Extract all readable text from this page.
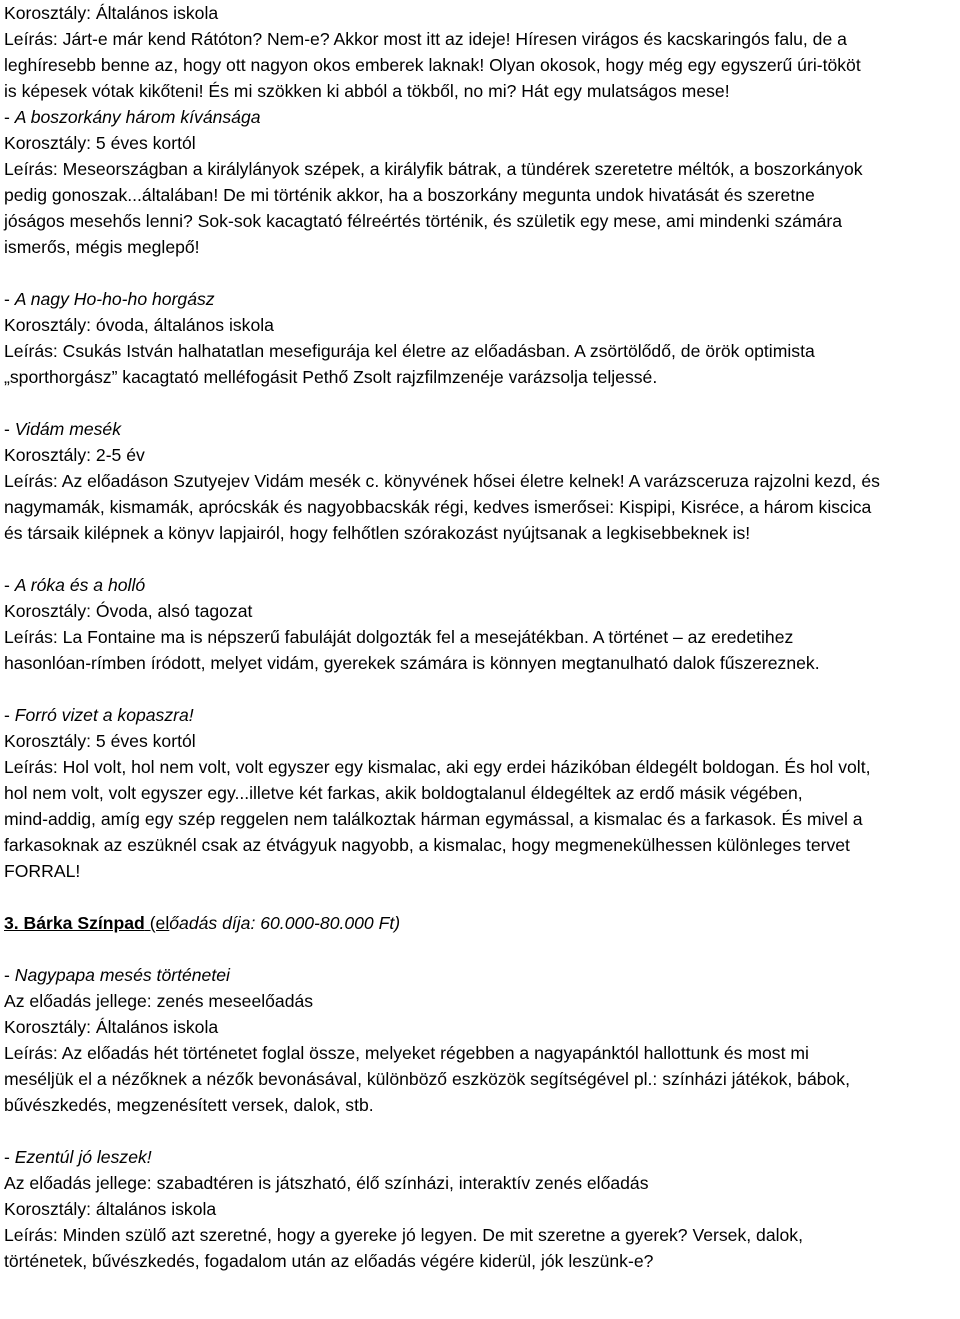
Korosztály: Általános iskola
Leírás: Járt-e már kend Rátóton? Nem-e? Akkor most itt az ideje! Híresen virágos és kacskaringós falu, de a
leghíresebb benne az, hogy ott nagyon okos emberek laknak! Olyan okosok, hogy még egy egyszerű úri-tököt
is képesek vótak kikőteni! És mi szökken ki abból a tökből, no mi? Hát egy mulatságos mese!
- A boszorkány három kívánsága
Korosztály: 5 éves kortól
Leírás: Meseországban a királylányok szépek, a királyfik bátrak, a tündérek szeretetre méltók, a boszorkányok
pedig gonoszak...általában! De mi történik akkor, ha a boszorkány megunta undok hivatását és szeretne
jóságos mesehős lenni? Sok-sok kacagtató félreértés történik, és születik egy mese, ami mindenki számára
ismerős, mégis meglepő!
- A nagy Ho-ho-ho horgász
Korosztály: óvoda, általános iskola
Leírás: Csukás István halhatatlan mesefigurája kel életre az előadásban. A zsörtölődő, de örök optimista
„sporthorgász” kacagtató melléfogásit Pethő Zsolt rajzfilmzenéje varázsolja teljessé.
- Vidám mesék
Korosztály: 2-5 év
Leírás: Az előadáson Szutyejev Vidám mesék c. könyvének hősei életre kelnek! A varázsceruza rajzolni kezd, és
nagymamák, kismamák, aprócskák és nagyobbacskák régi, kedves ismerősei: Kispipi, Kisréce, a három kiscica
és társaik kilépnek a könyv lapjairól, hogy felhőtlen szórakozást nyújtsanak a legkisebbeknek is!
- A róka és a holló
Korosztály: Óvoda, alsó tagozat
Leírás: La Fontaine ma is népszerű fabuláját dolgozták fel a mesejátékban. A történet – az eredetihez
hasonlóan-rímben íródott, melyet vidám, gyerekek számára is könnyen megtanulható dalok fűszereznek.
- Forró vizet a kopaszra!
Korosztály: 5 éves kortól
Leírás: Hol volt, hol nem volt, volt egyszer egy kismalac, aki egy erdei házikóban éldegélt boldogan. És hol volt,
hol nem volt, volt egyszer egy...illetve két farkas, akik boldogtalanul éldegéltek az erdő másik végében,
mind-addig, amíg egy szép reggelen nem találkoztak hárman egymással, a kismalac és a farkasok. És mivel a
farkasoknak az eszüknél csak az étvágyuk nagyobb, a kismalac, hogy megmenekülhessen különleges tervet
FORRAL!
3. Bárka Színpad (előadás díja: 60.000-80.000 Ft)
- Nagypapa mesés történetei
Az előadás jellege: zenés meseelőadás
Korosztály: Általános iskola
Leírás: Az előadás hét történetet foglal össze, melyeket régebben a nagyapánktól hallottunk és most mi
meséljük el a nézőknek a nézők bevonásával, különböző eszközök segítségével pl.: színházi játékok, bábok,
bűvészkedés, megzenésített versek, dalok, stb.
- Ezentúl jó leszek!
Az előadás jellege: szabadtéren is játszható, élő színházi, interaktív zenés előadás
Korosztály: általános iskola
Leírás: Minden szülő azt szeretné, hogy a gyereke jó legyen. De mit szeretne a gyerek? Versek, dalok,
történetek, bűvészkedés, fogadalom után az előadás végére kiderül, jók leszünk-e?
